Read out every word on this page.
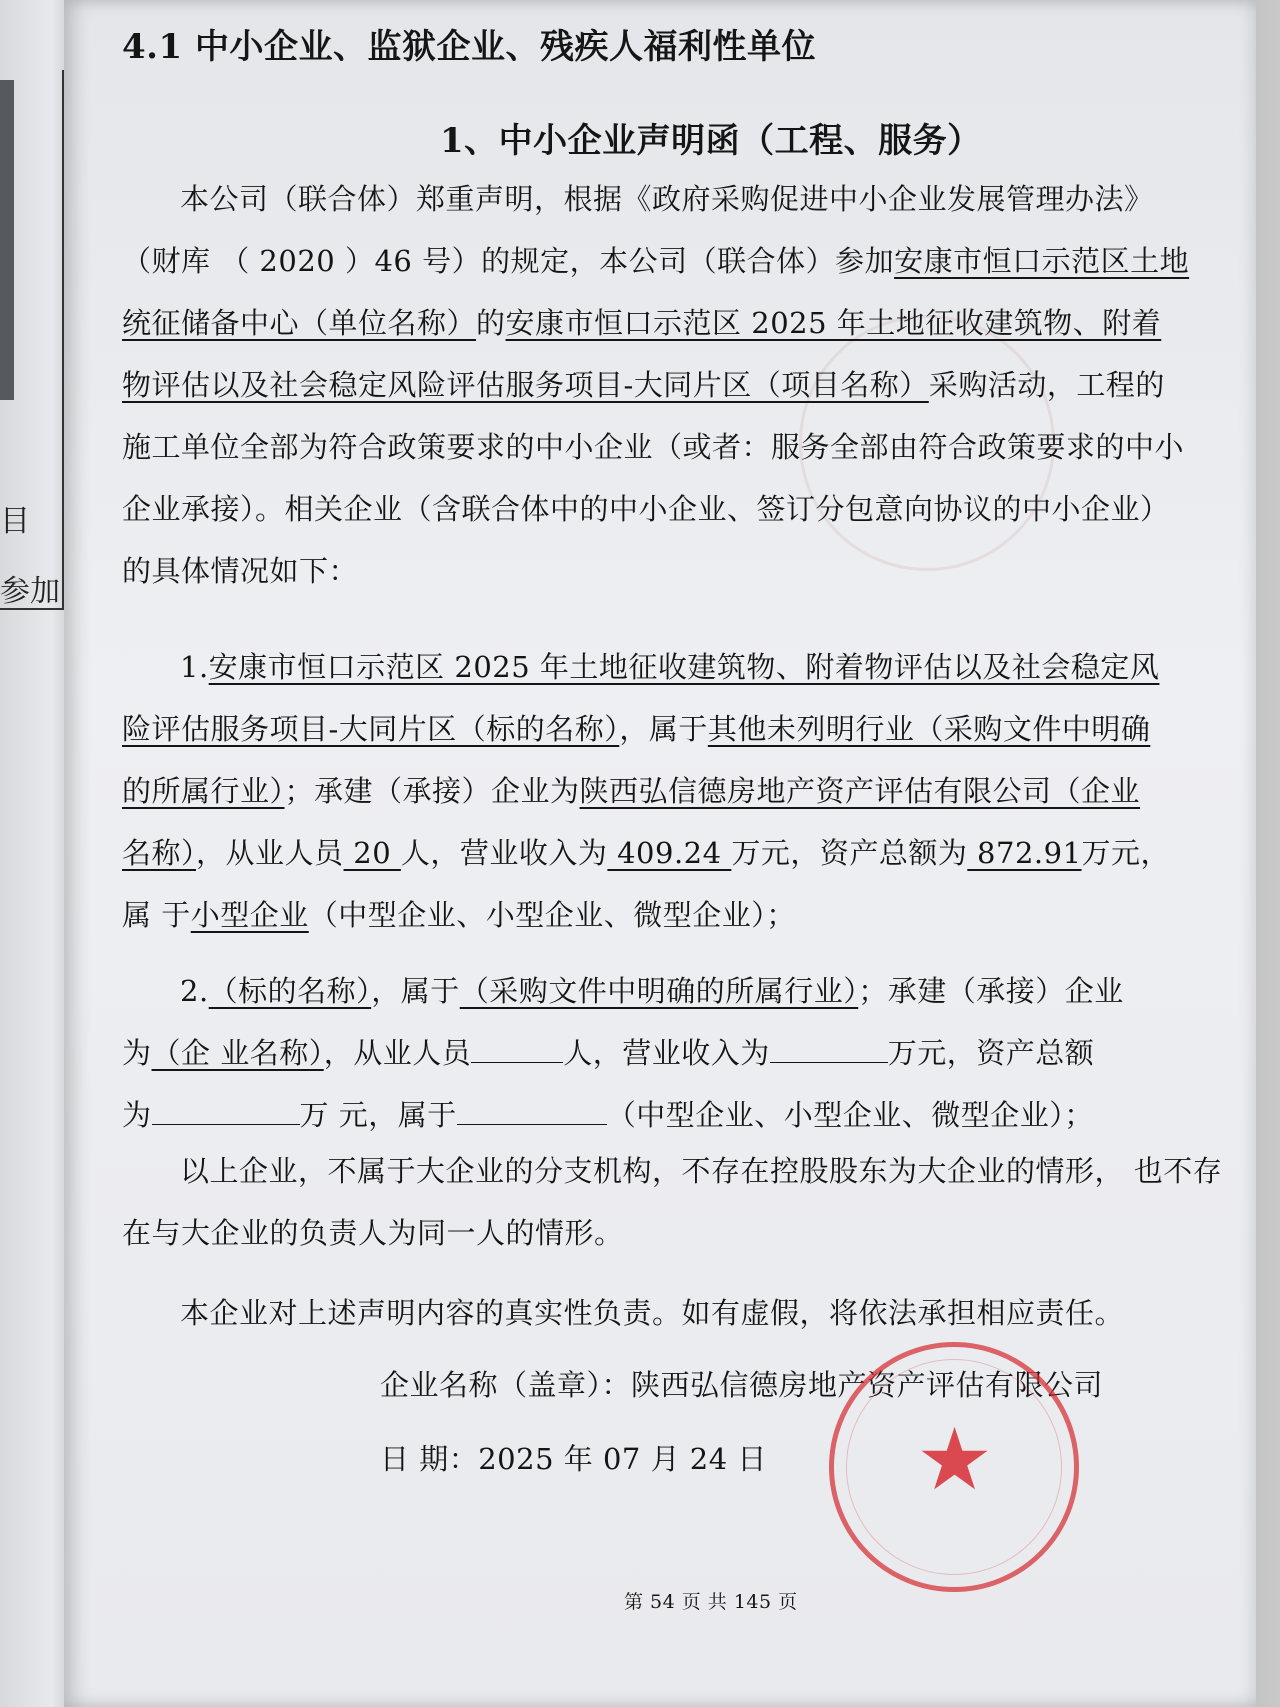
目
参加
4.1 中小企业、监狱企业、残疾人福利性单位
1、中小企业声明函（工程、服务）

本公司（联合体）郑重声明，根据《政府采购促进中小企业发展管理办法》

（财库 （ 2020 ）46 号）的规定，本公司（联合体）参加安康市恒口示范区土地

统征储备中心（单位名称）的安康市恒口示范区 2025 年土地征收建筑物、附着

物评估以及社会稳定风险评估服务项目-大同片区（项目名称）采购活动，工程的

施工单位全部为符合政策要求的中小企业（或者：服务全部由符合政策要求的中小

企业承接）。相关企业（含联合体中的中小企业、签订分包意向协议的中小企业）

的具体情况如下：

1.安康市恒口示范区 2025 年土地征收建筑物、附着物评估以及社会稳定风

险评估服务项目-大同片区（标的名称），属于其他未列明行业（采购文件中明确

的所属行业）；承建（承接）企业为陕西弘信德房地产资产评估有限公司（企业

名称），从业人员 20 人，营业收入为 409.24 万元，资产总额为 872.91万元，

属 于小型企业（中型企业、小型企业、微型企业）；

2.（标的名称），属于（采购文件中明确的所属行业）；承建（承接）企业

为（企 业名称），从业人员	人，营业收入为	万元，资产总额

为	万 元，属于	（中型企业、小型企业、微型企业）；

以上企业，不属于大企业的分支机构，不存在控股股东为大企业的情形， 也不存

在与大企业的负责人为同一人的情形。

本企业对上述声明内容的真实性负责。如有虚假，将依法承担相应责任。

企业名称（盖章）：陕西弘信德房地产资产评估有限公司

日 期：2025 年 07 月 24 日

第 54 页 共 145 页
★
